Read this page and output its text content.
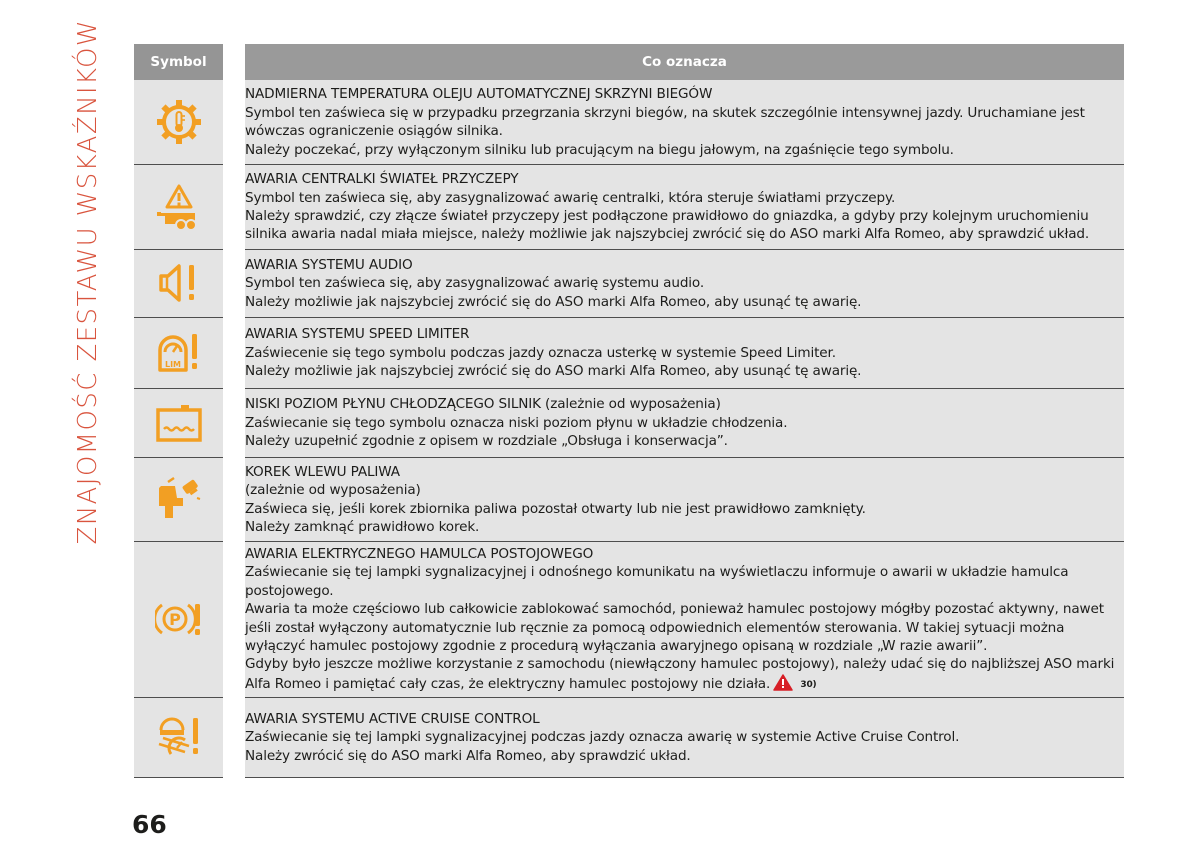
ZNAJOMOŚĆ ZESTAWU WSKAŹNIKÓW	Symbol	Co oznacza

NADMIERNA TEMPERATURA OLEJU AUTOMATYCZNEJ SKRZYNI BIEGÓW
Symbol ten zaświeca się w przypadku przegrzania skrzyni biegów, na skutek szczególnie intensywnej jazdy. Uruchamiane jest wówczas ograniczenie osiągów silnika.
Należy poczekać, przy wyłączonym silniku lub pracującym na biegu jałowym, na zgaśnięcie tego symbolu.

AWARIA CENTRALKI ŚWIATEŁ PRZYCZEPY
Symbol ten zaświeca się, aby zasygnalizować awarię centralki, która steruje światłami przyczepy.
Należy sprawdzić, czy złącze świateł przyczepy jest podłączone prawidłowo do gniazdka, a gdyby przy kolejnym uruchomieniu silnika awaria nadal miała miejsce, należy możliwie jak najszybciej zwrócić się do ASO marki Alfa Romeo, aby sprawdzić układ.

AWARIA SYSTEMU AUDIO
Symbol ten zaświeca się, aby zasygnalizować awarię systemu audio.
Należy możliwie jak najszybciej zwrócić się do ASO marki Alfa Romeo, aby usunąć tę awarię.

LIM	AWARIA SYSTEMU SPEED LIMITER
Zaświecenie się tego symbolu podczas jazdy oznacza usterkę w systemie Speed Limiter.
Należy możliwie jak najszybciej zwrócić się do ASO marki Alfa Romeo, aby usunąć tę awarię.

NISKI POZIOM PŁYNU CHŁODZĄCEGO SILNIK (zależnie od wyposażenia)
Zaświecanie się tego symbolu oznacza niski poziom płynu w układzie chłodzenia.
Należy uzupełnić zgodnie z opisem w rozdziale „Obsługa i konserwacja”.

KOREK WLEWU PALIWA
(zależnie od wyposażenia)
Zaświeca się, jeśli korek zbiornika paliwa pozostał otwarty lub nie jest prawidłowo zamknięty.
Należy zamknąć prawidłowo korek.

P	AWARIA ELEKTRYCZNEGO HAMULCA POSTOJOWEGO
Zaświecanie się tej lampki sygnalizacyjnej i odnośnego komunikatu na wyświetlaczu informuje o awarii w układzie hamulca postojowego.
Awaria ta może częściowo lub całkowicie zablokować samochód, ponieważ hamulec postojowy mógłby pozostać aktywny, nawet jeśli został wyłączony automatycznie lub ręcznie za pomocą odpowiednich elementów sterowania. W takiej sytuacji można wyłączyć hamulec postojowy zgodnie z procedurą wyłączania awaryjnego opisaną w rozdziale „W razie awarii”.
Gdyby było jeszcze możliwe korzystanie z samochodu (niewłączony hamulec postojowy), należy udać się do najbliższej ASO marki Alfa Romeo i pamiętać cały czas, że elektryczny hamulec postojowy nie działa. 30)

AWARIA SYSTEMU ACTIVE CRUISE CONTROL
Zaświecanie się tej lampki sygnalizacyjnej podczas jazdy oznacza awarię w systemie Active Cruise Control.
Należy zwrócić się do ASO marki Alfa Romeo, aby sprawdzić układ.
66
